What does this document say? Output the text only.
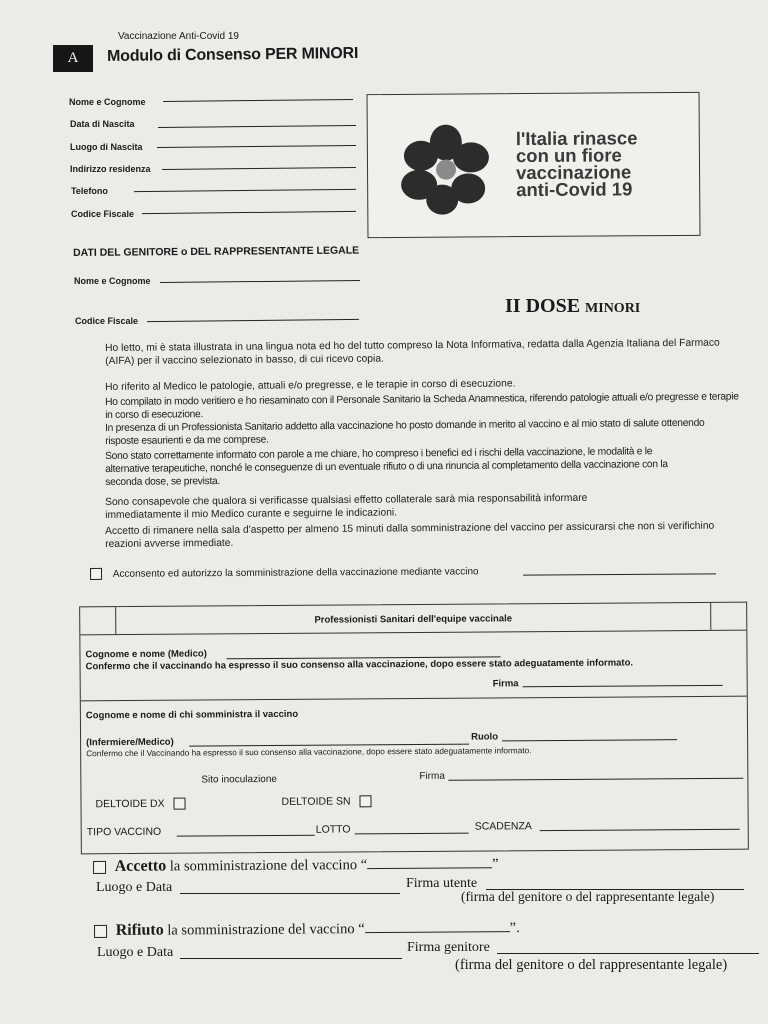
Vaccinazione Anti-Covid 19
A	Modulo di Consenso PER MINORI
Nome e Cognome
Data di Nascita
Luogo di Nascita
Indirizzo residenza
Telefono
Codice Fiscale
l'Italia rinasce
con un fiore
vaccinazione
anti-Covid 19
DATI DEL GENITORE o DEL RAPPRESENTANTE LEGALE
Nome e Cognome
Codice Fiscale
II DOSE MINORI
Ho letto, mi è stata illustrata in una lingua nota ed ho del tutto compreso la Nota Informativa, redatta dalla Agenzia Italiana del Farmaco (AIFA) per il vaccino selezionato in basso, di cui ricevo copia.
Ho riferito al Medico le patologie, attuali e/o pregresse, e le terapie in corso di esecuzione.
Ho compilato in modo veritiero e ho riesaminato con il Personale Sanitario la Scheda Anamnestica, riferendo patologie attuali e/o pregresse e terapie in corso di esecuzione.
In presenza di un Professionista Sanitario addetto alla vaccinazione ho posto domande in merito al vaccino e al mio stato di salute ottenendo risposte esaurienti e da me comprese.
Sono stato correttamente informato con parole a me chiare, ho compreso i benefici ed i rischi della vaccinazione, le modalità e le alternative terapeutiche, nonché le conseguenze di un eventuale rifiuto o di una rinuncia al completamento della vaccinazione con la seconda dose, se prevista.
Sono consapevole che qualora si verificasse qualsiasi effetto collaterale sarà mia responsabilità informare immediatamente il mio Medico curante e seguirne le indicazioni.
Accetto di rimanere nella sala d'aspetto per almeno 15 minuti dalla somministrazione del vaccino per assicurarsi che non si verifichino reazioni avverse immediate.
Acconsento ed autorizzo la somministrazione della vaccinazione mediante vaccino
Professionisti Sanitari dell'equipe vaccinale
Cognome e nome (Medico)
Confermo che il vaccinando ha espresso il suo consenso alla vaccinazione, dopo essere stato adeguatamente informato.
Firma
Cognome e nome di chi somministra il vaccino
(Infermiere/Medico)	Ruolo
Confermo che il Vaccinando ha espresso il suo consenso alla vaccinazione, dopo essere stato adeguatamente informato.
Sito inoculazione	Firma
DELTOIDE DX	DELTOIDE SN
TIPO VACCINO	LOTTO	SCADENZA
Accetto la somministrazione del vaccino “	”
Luogo e Data	Firma utente
(firma del genitore o del rappresentante legale)
Rifiuto la somministrazione del vaccino “	”.
Luogo e Data	Firma genitore
(firma del genitore o del rappresentante legale)
